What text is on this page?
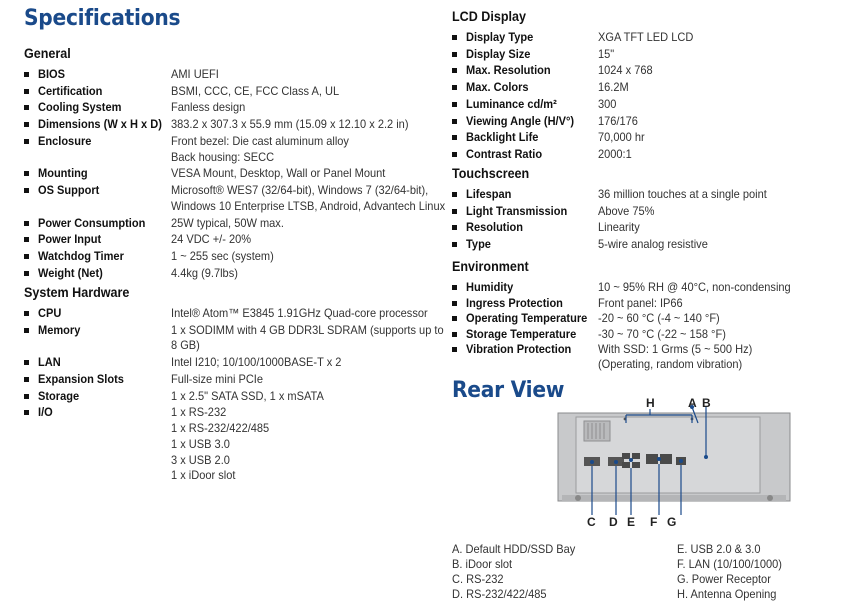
Specifications
General
BIOS	AMI UEFI
Certification	BSMI, CCC, CE, FCC Class A, UL
Cooling System	Fanless design
Dimensions (W x H x D) 383.2 x 307.3 x 55.9 mm (15.09 x 12.10 x 2.2 in)
Enclosure	Front bezel: Die cast aluminum alloy
Back housing: SECC
Mounting	VESA Mount, Desktop, Wall or Panel Mount
OS Support	Microsoft® WES7 (32/64-bit), Windows 7 (32/64-bit),
Windows 10 Enterprise LTSB, Android, Advantech Linux
Power Consumption 25W typical, 50W max.
Power Input	24 VDC +/- 20%
Watchdog Timer	1 ~ 255 sec (system)
Weight (Net)	4.4kg (9.7lbs)
System Hardware
CPU	Intel® Atom™ E3845 1.91GHz Quad-core processor
Memory	1 x SODIMM with 4 GB DDR3L SDRAM (supports up to
8 GB)
LAN	Intel I210; 10/100/1000BASE-T x 2
Expansion Slots	Full-size mini PCIe
Storage	1 x 2.5" SATA SSD, 1 x mSATA
I/O	1 x RS-232
1 x RS-232/422/485
1 x USB 3.0
3 x USB 2.0
1 x iDoor slot
LCD Display
Display Type	XGA TFT LED LCD
Display Size	15"
Max. Resolution	1024 x 768
Max. Colors	16.2M
Luminance cd/m²	300
Viewing Angle (H/V°) 176/176
Backlight Life	70,000 hr
Contrast Ratio	2000:1
Touchscreen
Lifespan	36 million touches at a single point
Light Transmission	Above 75%
Resolution	Linearity
Type	5-wire analog resistive
Environment
Humidity	10 ~ 95% RH @ 40°C, non-condensing
Ingress Protection	Front panel: IP66
Operating Temperature -20 ~ 60 °C (-4 ~ 140 °F)
Storage Temperature -30 ~ 70 °C (-22 ~ 158 °F)
Vibration Protection With SSD: 1 Grms (5 ~ 500 Hz)
(Operating, random vibration)
Rear View	H	A B
C D E F G
A. Default HDD/SSD Bay
B. iDoor slot
C. RS-232
D. RS-232/422/485
E. USB 2.0 & 3.0
F. LAN (10/100/1000)
G. Power Receptor
H. Antenna Opening
